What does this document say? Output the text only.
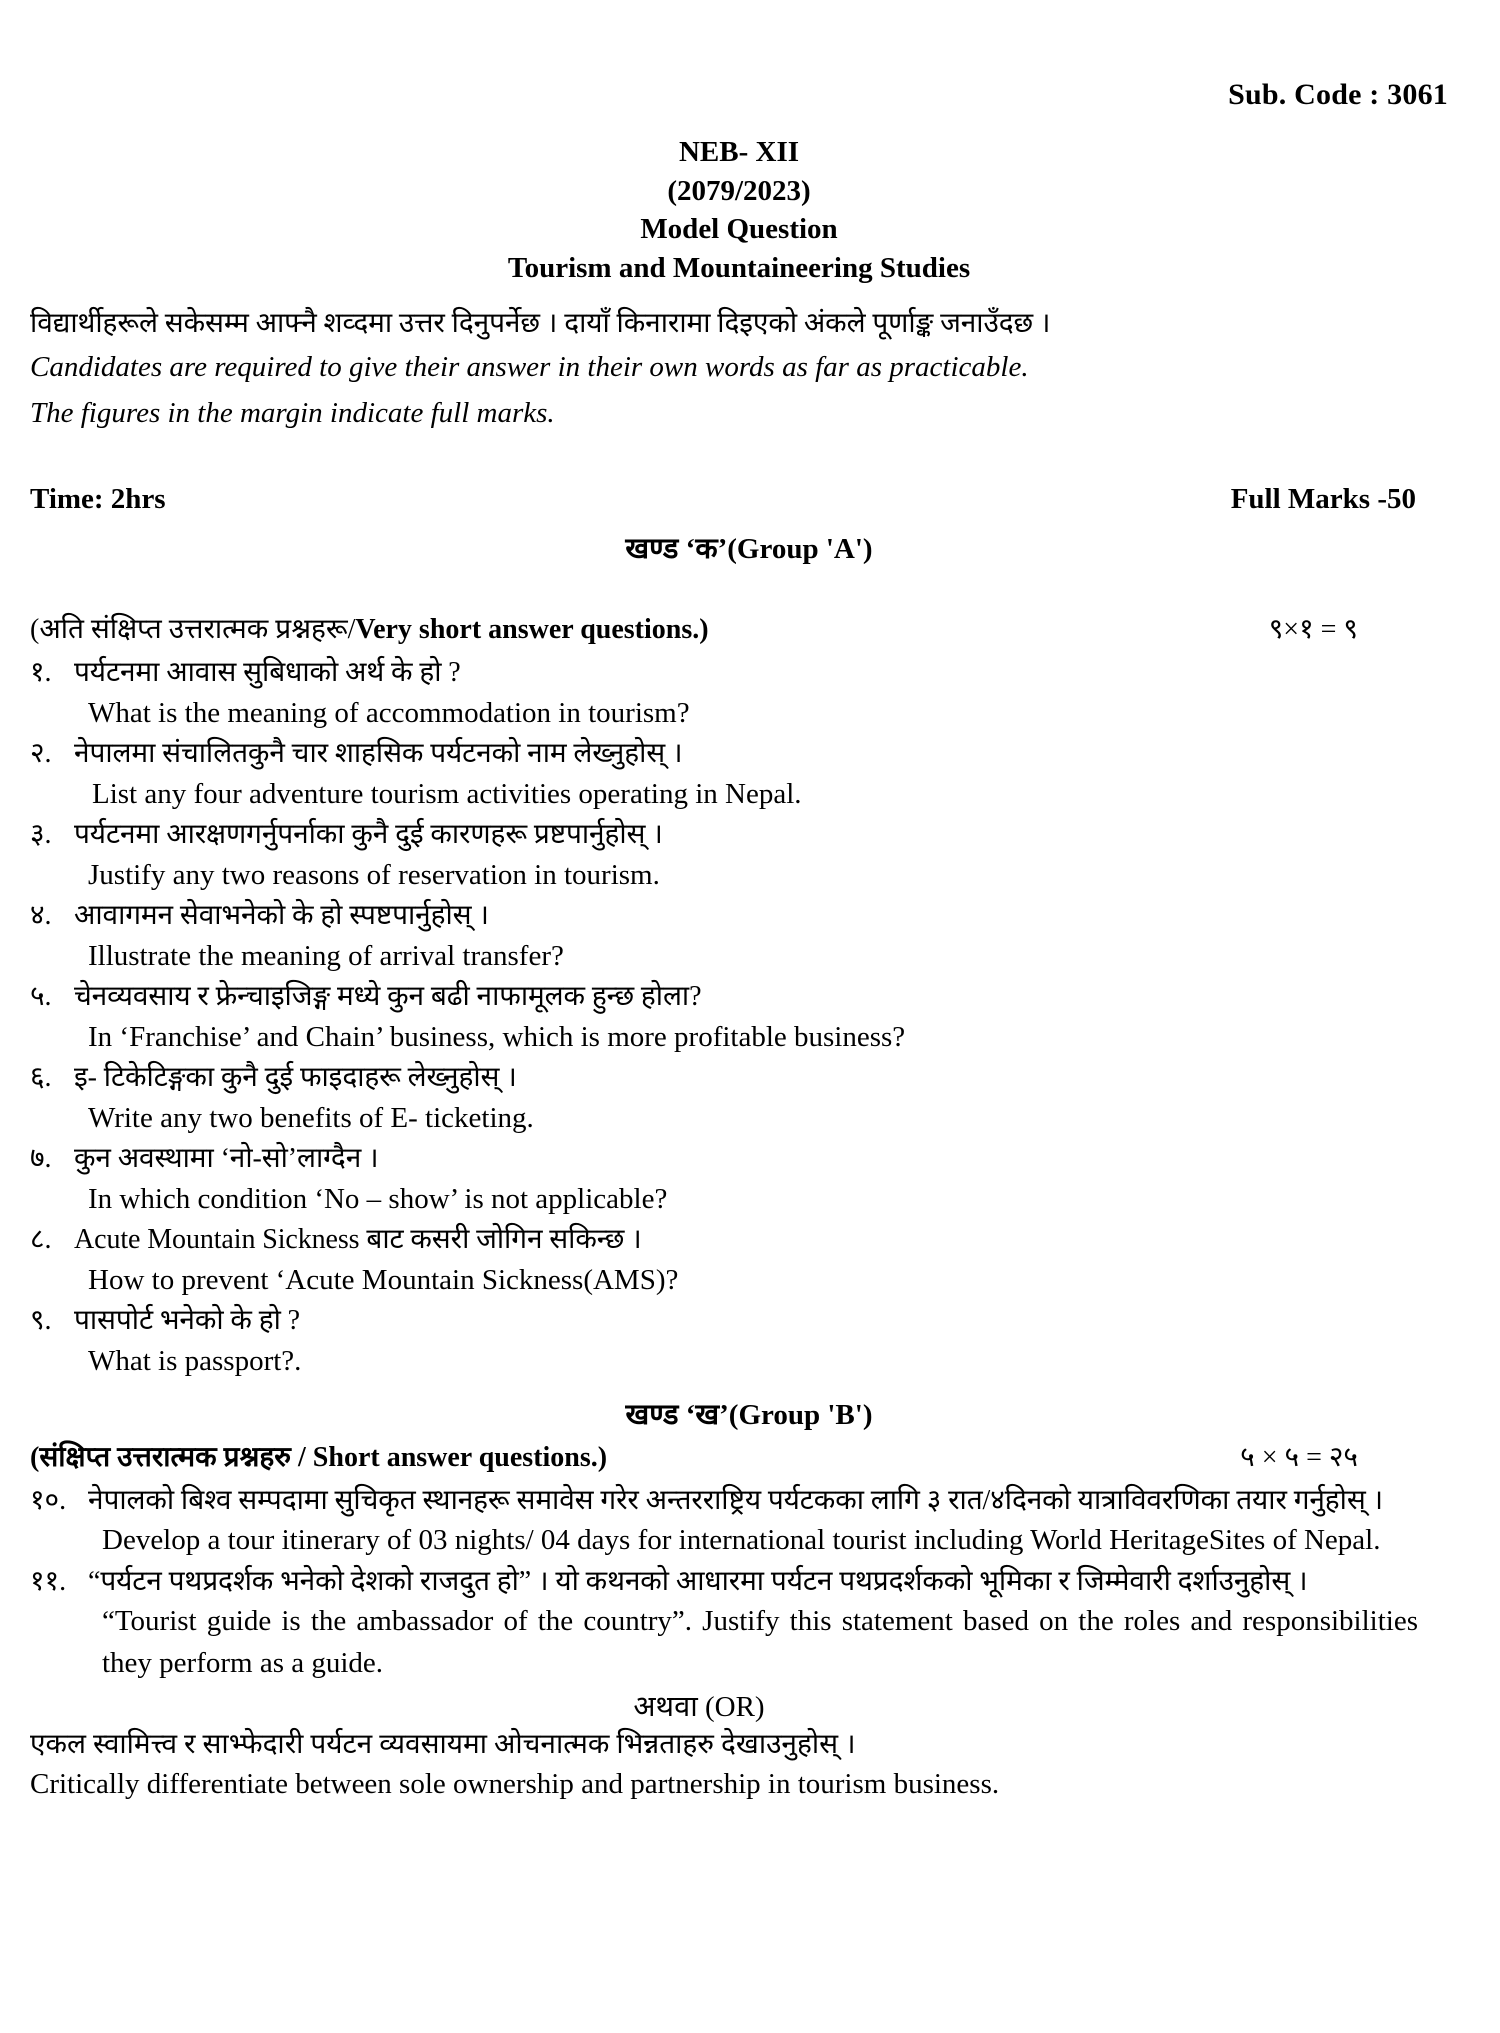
Sub. Code : 3061
NEB- XII
(2079/2023)
Model Question
Tourism and Mountaineering Studies
विद्यार्थीहरूले सकेसम्म आफ्नै शव्दमा उत्तर दिनुपर्नेछ । दायाँ किनारामा दिइएको अंकले पूर्णाङ्क जनाउँदछ ।
Candidates are required to give their answer in their own words as far as practicable.
The figures in the margin indicate full marks.
Time: 2hrs	Full Marks -50
खण्ड ‘क’(Group 'A')
(अति संक्षिप्त उत्तरात्मक प्रश्नहरू/Very short answer questions.)	९×१ = ९
१. पर्यटनमा आवास सुबिधाको अर्थ के हो ?
What is the meaning of accommodation in tourism?
२. नेपालमा संचालितकुनै चार शाहसिक पर्यटनको नाम लेख्नुहोस् ।
List any four adventure tourism activities operating in Nepal.
३. पर्यटनमा आरक्षणगर्नुपर्नाका कुनै दुई कारणहरू प्रष्टपार्नुहोस् ।
Justify any two reasons of reservation in tourism.
४. आवागमन सेवाभनेको के हो स्पष्टपार्नुहोस् ।
Illustrate the meaning of arrival transfer?
५. चेनव्यवसाय र फ्रेन्चाइजिङ्ग मध्ये कुन बढी नाफामूलक हुन्छ होला?
In ‘Franchise’ and Chain’ business, which is more profitable business?
६. इ- टिकेटिङ्गका कुनै दुई फाइदाहरू लेख्नुहोस् ।
Write any two benefits of E- ticketing.
७. कुन अवस्थामा ‘नो-सो’लाग्दैन ।
In which condition ‘No – show’ is not applicable?
८. Acute Mountain Sickness बाट कसरी जोगिन सकिन्छ ।
How to prevent ‘Acute Mountain Sickness(AMS)?
९. पासपोर्ट भनेको के हो ?
What is passport?.
खण्ड ‘ख’(Group 'B')
(संक्षिप्त उत्तरात्मक प्रश्नहरु / Short answer questions.)	५ × ५ = २५
१०. नेपालको बिश्व सम्पदामा सुचिकृत स्थानहरू समावेस गरेर अन्तरराष्ट्रिय पर्यटकका लागि ३ रात/४दिनको यात्राविवरणिका तयार गर्नुहोस् ।
Develop a tour itinerary of 03 nights/ 04 days for international tourist including World HeritageSites of Nepal.
११. “पर्यटन पथप्रदर्शक भनेको देशको राजदुत हो” । यो कथनको आधारम‌ा पर्यटन पथप्रदर्शकको भूमिका र जिम्मेवारी दर्शाउनुहोस् ।
“Tourist guide is the ambassador of the country”. Justify this statement based on the roles and responsibilities they perform as a guide.
अथवा (OR)
एकल स्वामित्त्व र साभ्फेदारी पर्यटन व्यवसायमा ओचनात्मक भिन्नताहरु देखाउनुहोस् ।
Critically differentiate between sole ownership and partnership in tourism business.
